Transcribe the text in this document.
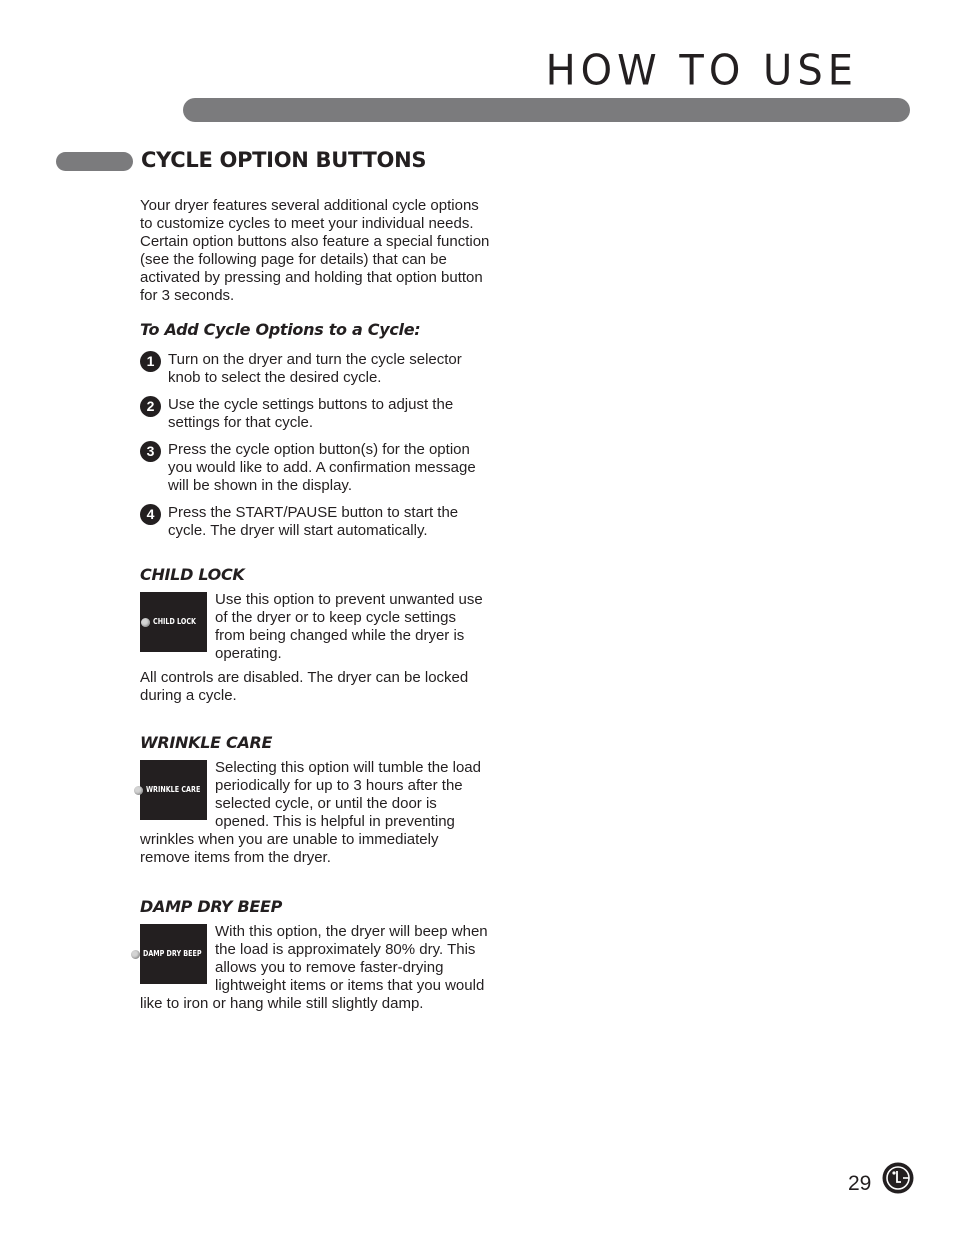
HOW TO USE
CYCLE OPTION BUTTONS

Your dryer features several additional cycle options to customize cycles to meet your individual needs. Certain option buttons also feature a special function (see the following page for details) that can be activated by pressing and holding that option button for 3 seconds.

To Add Cycle Options to a Cycle:
1 Turn on the dryer and turn the cycle selector knob to select the desired cycle.
2 Use the cycle settings buttons to adjust the settings for that cycle.
3 Press the cycle option button(s) for the option you would like to add. A confirmation message will be shown in the display.
4 Press the START/PAUSE button to start the cycle. The dryer will start automatically.
CHILD LOCK
CHILD LOCK

Use this option to prevent unwanted use of the dryer or to keep cycle settings from being changed while the dryer is operating.

All controls are disabled. The dryer can be locked during a cycle.

WRINKLE CARE
WRINKLE CARE

Selecting this option will tumble the load periodically for up to 3 hours after the selected cycle, or until the door is opened. This is helpful in preventing wrinkles when you are unable to immediately remove items from the dryer.

DAMP DRY BEEP
DAMP DRY BEEP

With this option, the dryer will beep when the load is approximately 80% dry. This allows you to remove faster-drying lightweight items or items that you would like to iron or hang while still slightly damp.

29
